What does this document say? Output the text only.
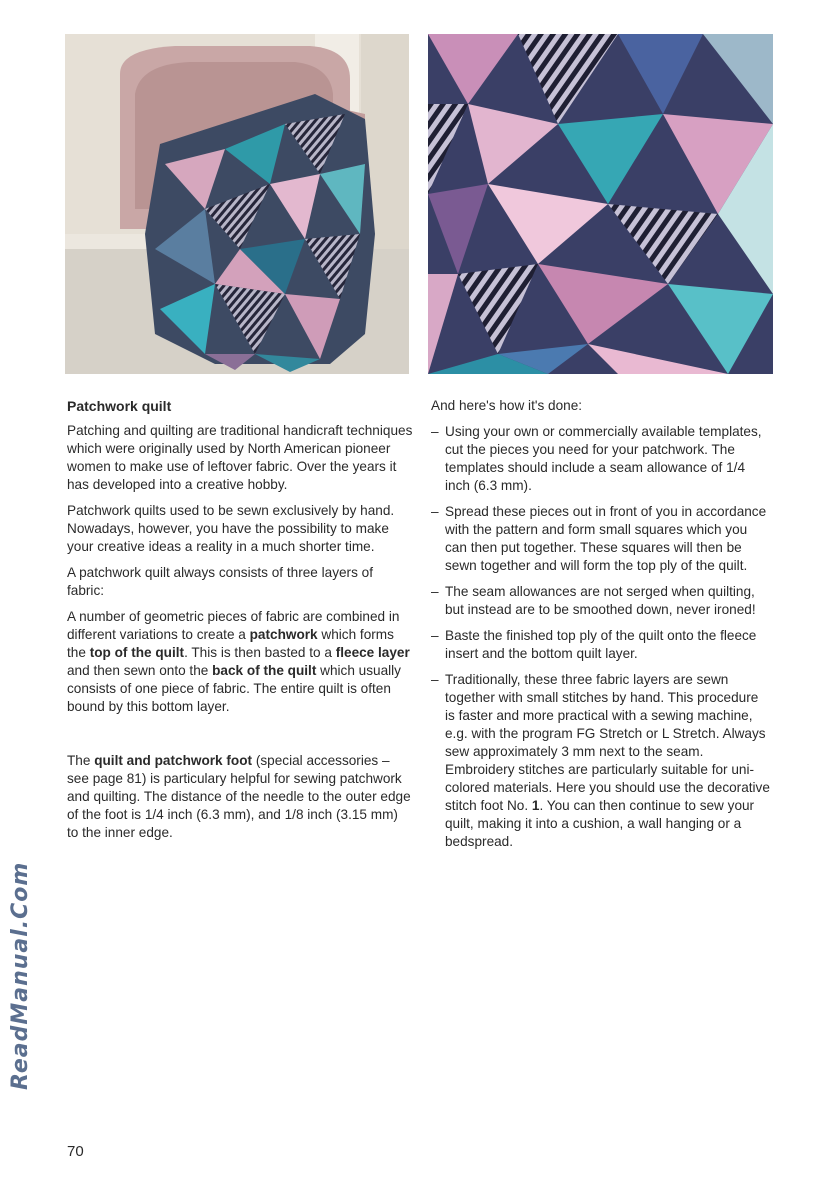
Patchwork quilt

Patching and quilting are traditional handicraft techniques which were originally used by North American pioneer women to make use of leftover fabric. Over the years it has developed into a creative hobby.

Patchwork quilts used to be sewn exclusively by hand. Nowadays, however, you have the possibility to make your creative ideas a reality in a much shorter time.

A patchwork quilt always consists of three layers of fabric:

A number of geometric pieces of fabric are combined in different variations to create a patchwork which forms the top of the quilt. This is then basted to a fleece layer and then sewn onto the back of the quilt which usually consists of one piece of fabric. The entire quilt is often bound by this bottom layer.

The quilt and patchwork foot (special accessories – see page 81) is particulary helpful for sewing patchwork and quilting. The distance of the needle to the outer edge of the foot is 1/4 inch (6.3 mm), and 1/8 inch (3.15 mm) to the inner edge.

And here's how it's done:

– Using your own or commercially available templates, cut the pieces you need for your patchwork. The templates should include a seam allowance of 1/4 inch (6.3 mm).
– Spread these pieces out in front of you in accordance with the pattern and form small squares which you can then put together. These squares will then be sewn together and will form the top ply of the quilt.
– The seam allowances are not serged when quilting, but instead are to be smoothed down, never ironed!
– Baste the finished top ply of the quilt onto the fleece insert and the bottom quilt layer.
– Traditionally, these three fabric layers are sewn together with small stitches by hand. This procedure is faster and more practical with a sewing machine, e.g. with the program FG Stretch or L Stretch. Always sew approximately 3 mm next to the seam. Embroidery stitches are particularly suitable for uni-colored materials. Here you should use the decorative stitch foot No. 1. You can then continue to sew your quilt, making it into a cushion, a wall hanging or a bedspread.
ReadManual.Com
70
